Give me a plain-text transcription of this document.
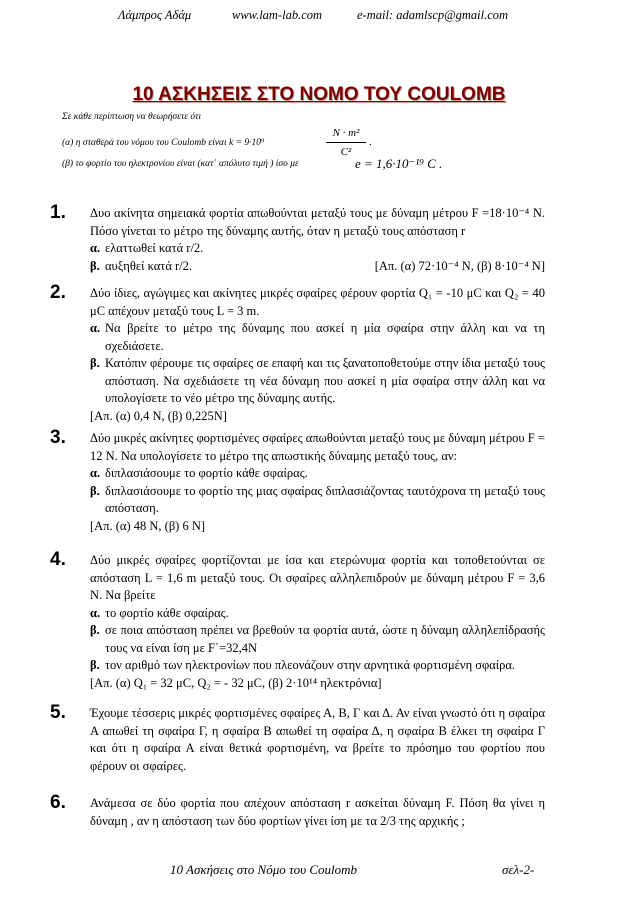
Λάμπρος Αδάμ	www.lam-lab.com	e-mail: adamlscp@gmail.com
10 ΑΣΚΗΣΕΙΣ ΣΤΟ ΝΟΜΟ ΤΟΥ COULOMB
Σε κάθε περίπτωση να θεωρήσετε ότι
(α) η σταθερά του νόμου του Coulomb είναι k = 9·10⁹
N · m²
C²
.
(β) το φορτίο του ηλεκτρονίου είναι (κατ΄ απόλυτο τιμή ) ίσο με	e = 1,6·10⁻¹⁹ C .
1. Δυο ακίνητα σημειακά φορτία απωθούνται μεταξύ τους με δύναμη μέτρου F =18·10⁻⁴ N. Πόσο γίνεται το μέτρο της δύναμης αυτής, όταν η μεταξύ τους απόσταση r

α. ελαττωθεί κατά r/2.

β. αυξηθεί κατά r/2.	[Απ. (α) 72·10⁻⁴ N, (β) 8·10⁻⁴ N]
2. Δύο ίδιες, αγώγιμες και ακίνητες μικρές σφαίρες φέρουν φορτία Q₁ = -10 μC και Q₂ = 40 μC απέχουν μεταξύ τους L = 3 m.

α. Να βρείτε το μέτρο της δύναμης που ασκεί η μία σφαίρα στην άλλη και να τη σχεδιάσετε.

β. Κατόπιν φέρουμε τις σφαίρες σε επαφή και τις ξανατοποθετούμε στην ίδια μεταξύ τους απόσταση. Να σχεδιάσετε τη νέα δύναμη που ασκεί η μία σφαίρα στην άλλη και να υπολογίσετε το νέο μέτρο της δύναμης αυτής.

[Απ. (α) 0,4 N, (β) 0,225N]

3. Δύο μικρές ακίνητες φορτισμένες σφαίρες απωθούνται μεταξύ τους με δύναμη μέτρου F = 12 N. Να υπολογίσετε το μέτρο της απωστικής δύναμης μεταξύ τους, αν:

α. διπλασιάσουμε το φορτίο κάθε σφαίρας.

β. διπλασιάσουμε το φορτίο της μιας σφαίρας διπλασιάζοντας ταυτόχρονα τη μεταξύ τους απόσταση.

[Απ. (α) 48 N, (β) 6 N]

4. Δύο μικρές σφαίρες φορτίζονται με ίσα και ετερώνυμα φορτία και τοποθετούνται σε απόσταση L = 1,6 m μεταξύ τους. Οι σφαίρες αλληλεπιδρούν με δύναμη μέτρου F = 3,6 N. Να βρείτε

α. το φορτίο κάθε σφαίρας.

β. σε ποια απόσταση πρέπει να βρεθούν τα φορτία αυτά, ώστε η δύναμη αλληλεπίδρασής τους να είναι ίση με F΄=32,4N

β. τον αριθμό των ηλεκτρονίων που πλεονάζουν στην αρνητικά φορτισμένη σφαίρα.

[Απ. (α) Q₁ = 32 μC, Q₂ = - 32 μC, (β) 2·10¹⁴ ηλεκτρόνια]

5. Έχουμε τέσσερις μικρές φορτισμένες σφαίρες Α, Β, Γ και Δ. Αν είναι γνωστό ότι η σφαίρα Α απωθεί τη σφαίρα Γ, η σφαίρα Β απωθεί τη σφαίρα Δ, η σφαίρα Β έλκει τη σφαίρα Γ και ότι η σφαίρα Α είναι θετικά φορτισμένη, να βρείτε το πρόσημο του φορτίου που φέρουν οι σφαίρες.

6. Ανάμεσα σε δύο φορτία που απέχουν απόσταση r ασκείται δύναμη F. Πόση θα γίνει η δύναμη , αν η απόσταση των δύο φορτίων γίνει ίση με τα 2/3 της αρχικής ;

10 Ασκήσεις στο Νόμο του Coulomb	σελ-2-
